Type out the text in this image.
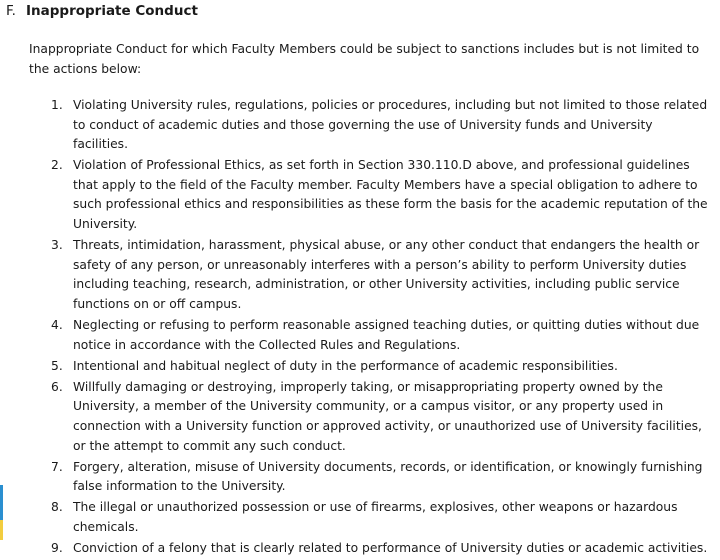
F. Inappropriate Conduct

Inappropriate Conduct for which Faculty Members could be subject to sanctions includes but is not limited to the actions below:

1. Violating University rules, regulations, policies or procedures, including but not limited to those related to conduct of academic duties and those governing the use of University funds and University facilities.
2. Violation of Professional Ethics, as set forth in Section 330.110.D above, and professional guidelines that apply to the field of the Faculty member. Faculty Members have a special obligation to adhere to such professional ethics and responsibilities as these form the basis for the academic reputation of the University.
3. Threats, intimidation, harassment, physical abuse, or any other conduct that endangers the health or safety of any person, or unreasonably interferes with a person’s ability to perform University duties including teaching, research, administration, or other University activities, including public service functions on or off campus.
4. Neglecting or refusing to perform reasonable assigned teaching duties, or quitting duties without due notice in accordance with the Collected Rules and Regulations.
5. Intentional and habitual neglect of duty in the performance of academic responsibilities.
6. Willfully damaging or destroying, improperly taking, or misappropriating property owned by the University, a member of the University community, or a campus visitor, or any property used in connection with a University function or approved activity, or unauthorized use of University facilities, or the attempt to commit any such conduct.
7. Forgery, alteration, misuse of University documents, records, or identification, or knowingly furnishing false information to the University.
8. The illegal or unauthorized possession or use of firearms, explosives, other weapons or hazardous chemicals.
9. Conviction of a felony that is clearly related to performance of University duties or academic activities.
